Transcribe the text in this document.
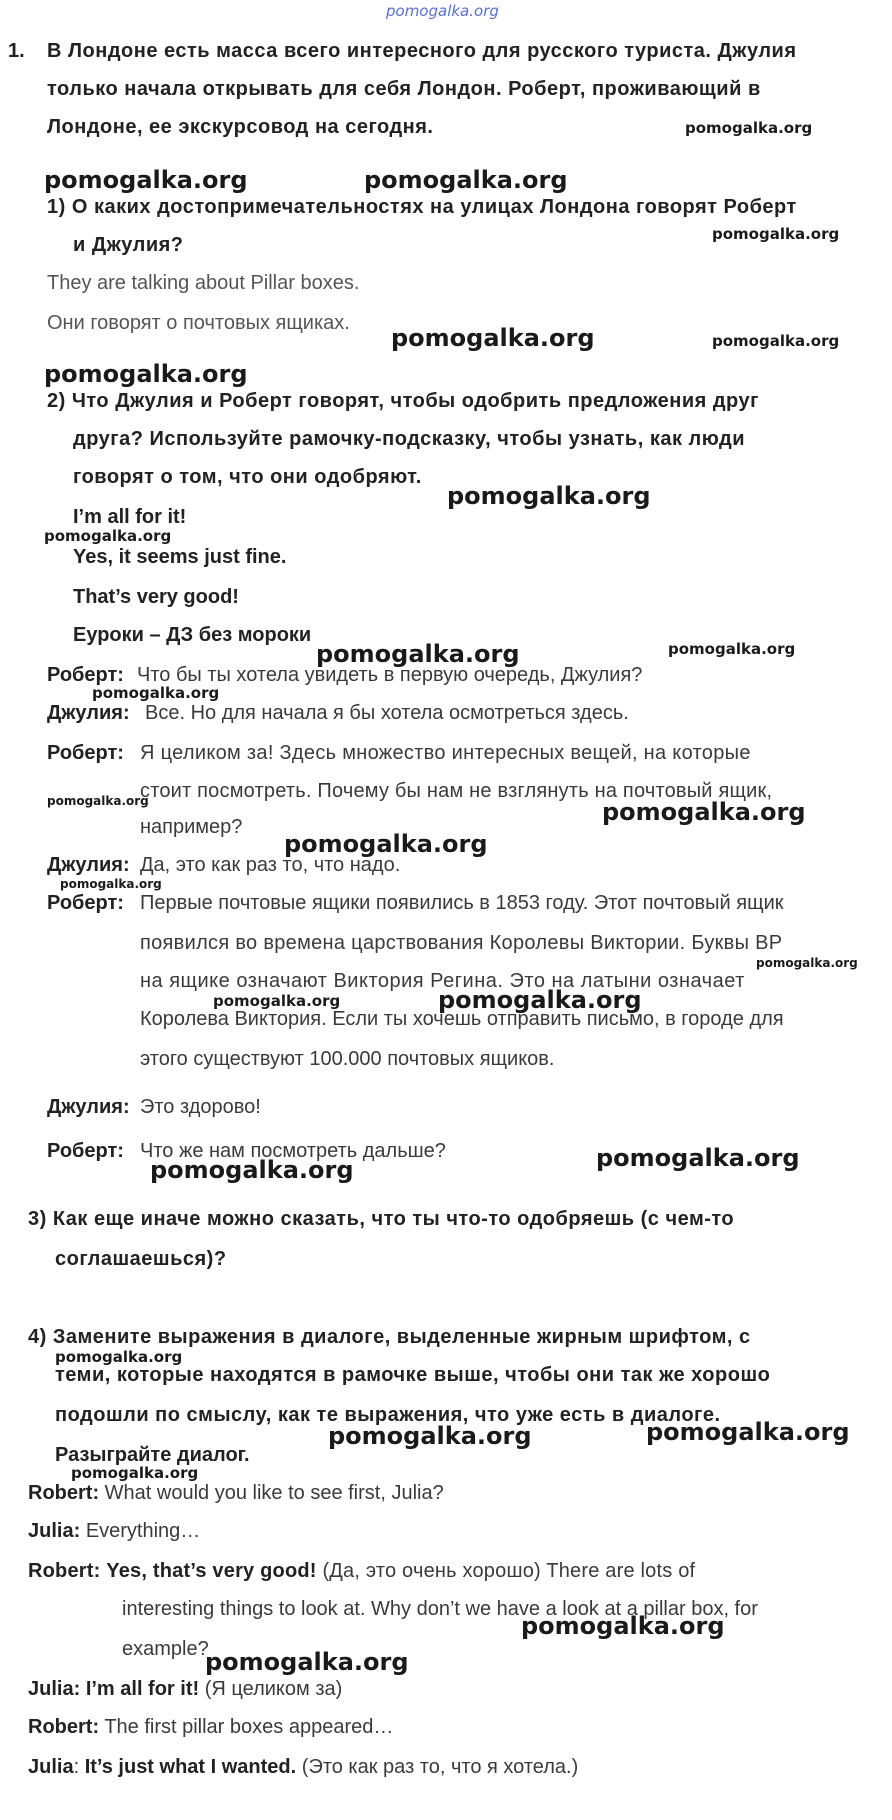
pomogalka.org
1. В Лондоне есть масса всего интересного для русского туриста. Джулия
только начала открывать для себя Лондон. Роберт, проживающий в
Лондоне, ее экскурсовод на сегодня.	pomogalka.org
pomogalka.org	pomogalka.org
1) О каких достопримечательностях на улицах Лондона говорят Роберт
и Джулия?	pomogalka.org
They are talking about Pillar boxes.
Они говорят о почтовых ящиках.
pomogalka.org	pomogalka.org
pomogalka.org
2) Что Джулия и Роберт говорят, чтобы одобрить предложения друг
друга? Используйте рамочку-подсказку, чтобы узнать, как люди
говорят о том, что они одобряют.
pomogalka.org
I’m all for it!
pomogalka.org
Yes, it seems just fine.
That’s very good!
Еуроки – ДЗ без мороки
pomogalka.org	pomogalka.org
Роберт: Что бы ты хотела увидеть в первую очередь, Джулия?
pomogalka.org
Джулия: Все. Но для начала я бы хотела осмотреться здесь.
Роберт: Я целиком за! Здесь множество интересных вещей, на которые
pomogalka.org
стоит посмотреть. Почему бы нам не взглянуть на почтовый ящик,
например?
pomogalka.org
pomogalka.org
Джулия: Да, это как раз то, что надо.
pomogalka.org
Роберт: Первые почтовые ящики появились в 1853 году. Этот почтовый ящик
появился во времена царствования Королевы Виктории. Буквы ВР
pomogalka.org
на ящике означают Виктория Регина. Это на латыни означает
pomogalka.org	pomogalka.org
Королева Виктория. Если ты хочешь отправить письмо, в городе для
этого существуют 100.000 почтовых ящиков.
Джулия: Это здорово!
Роберт: Что же нам посмотреть дальше?	pomogalka.org
pomogalka.org
3) Как еще иначе можно сказать, что ты что-то одобряешь (с чем-то
соглашаешься)?
4) Замените выражения в диалоге, выделенные жирным шрифтом, с
pomogalka.org
теми, которые находятся в рамочке выше, чтобы они так же хорошо
подошли по смыслу, как те выражения, что уже есть в диалоге.
pomogalka.org	pomogalka.org
Разыграйте диалог.
pomogalka.org
Robert: What would you like to see first, Julia?
Julia: Everything…
Robert: Yes, that’s very good! (Да, это очень хорошо) There are lots of
interesting things to look at. Why don’t we have a look at a pillar box, for
pomogalka.org
example?
pomogalka.org
Julia: I’m all for it! (Я целиком за)
Robert: The first pillar boxes appeared…
Julia: It’s just what I wanted. (Это как раз то, что я хотела.)
